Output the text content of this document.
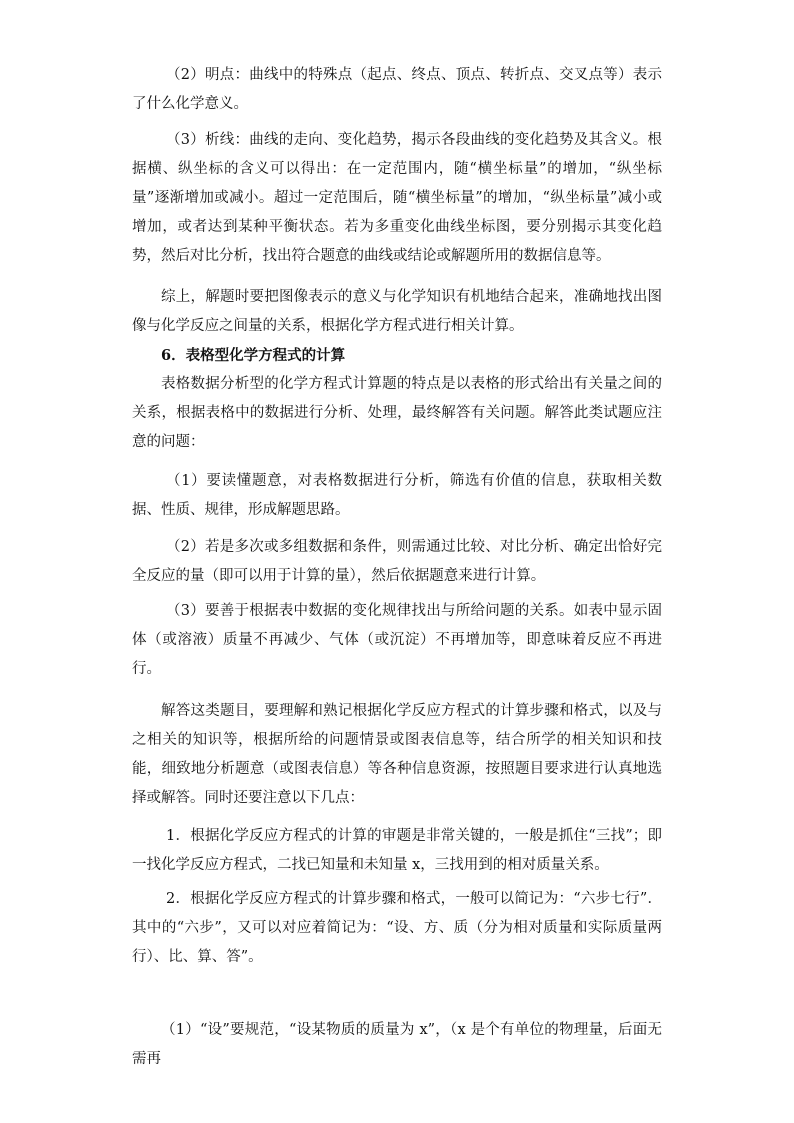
（2）明点：曲线中的特殊点（起点、终点、顶点、转折点、交叉点等）表示了什么化学意义。

（3）析线：曲线的走向、变化趋势，揭示各段曲线的变化趋势及其含义。根据横、纵坐标的含义可以得出：在一定范围内，随“横坐标量”的增加，“纵坐标量”逐渐增加或减小。超过一定范围后，随“横坐标量”的增加，“纵坐标量”减小或增加，或者达到某种平衡状态。若为多重变化曲线坐标图，要分别揭示其变化趋势，然后对比分析，找出符合题意的曲线或结论或解题所用的数据信息等。

综上，解题时要把图像表示的意义与化学知识有机地结合起来，准确地找出图像与化学反应之间量的关系，根据化学方程式进行相关计算。

6．表格型化学方程式的计算

表格数据分析型的化学方程式计算题的特点是以表格的形式给出有关量之间的关系，根据表格中的数据进行分析、处理，最终解答有关问题。解答此类试题应注意的问题：

（1）要读懂题意，对表格数据进行分析，筛选有价值的信息，获取相关数据、性质、规律，形成解题思路。

（2）若是多次或多组数据和条件，则需通过比较、对比分析、确定出恰好完全反应的量（即可以用于计算的量），然后依据题意来进行计算。

（3）要善于根据表中数据的变化规律找出与所给问题的关系。如表中显示固体（或溶液）质量不再减少、气体（或沉淀）不再增加等，即意味着反应不再进行。

解答这类题目，要理解和熟记根据化学反应方程式的计算步骤和格式，以及与之相关的知识等，根据所给的问题情景或图表信息等，结合所学的相关知识和技能，细致地分析题意（或图表信息）等各种信息资源，按照题目要求进行认真地选择或解答。同时还要注意以下几点：

1．根据化学反应方程式的计算的审题是非常关键的，一般是抓住“三找”；即一找化学反应方程式，二找已知量和未知量 x，三找用到的相对质量关系。

2．根据化学反应方程式的计算步骤和格式，一般可以简记为：“六步七行”．其中的“六步”，又可以对应着简记为：“设、方、质（分为相对质量和实际质量两行）、比、算、答”。

（1）“设”要规范，“设某物质的质量为 x”，（x 是个有单位的物理量，后面无需再
